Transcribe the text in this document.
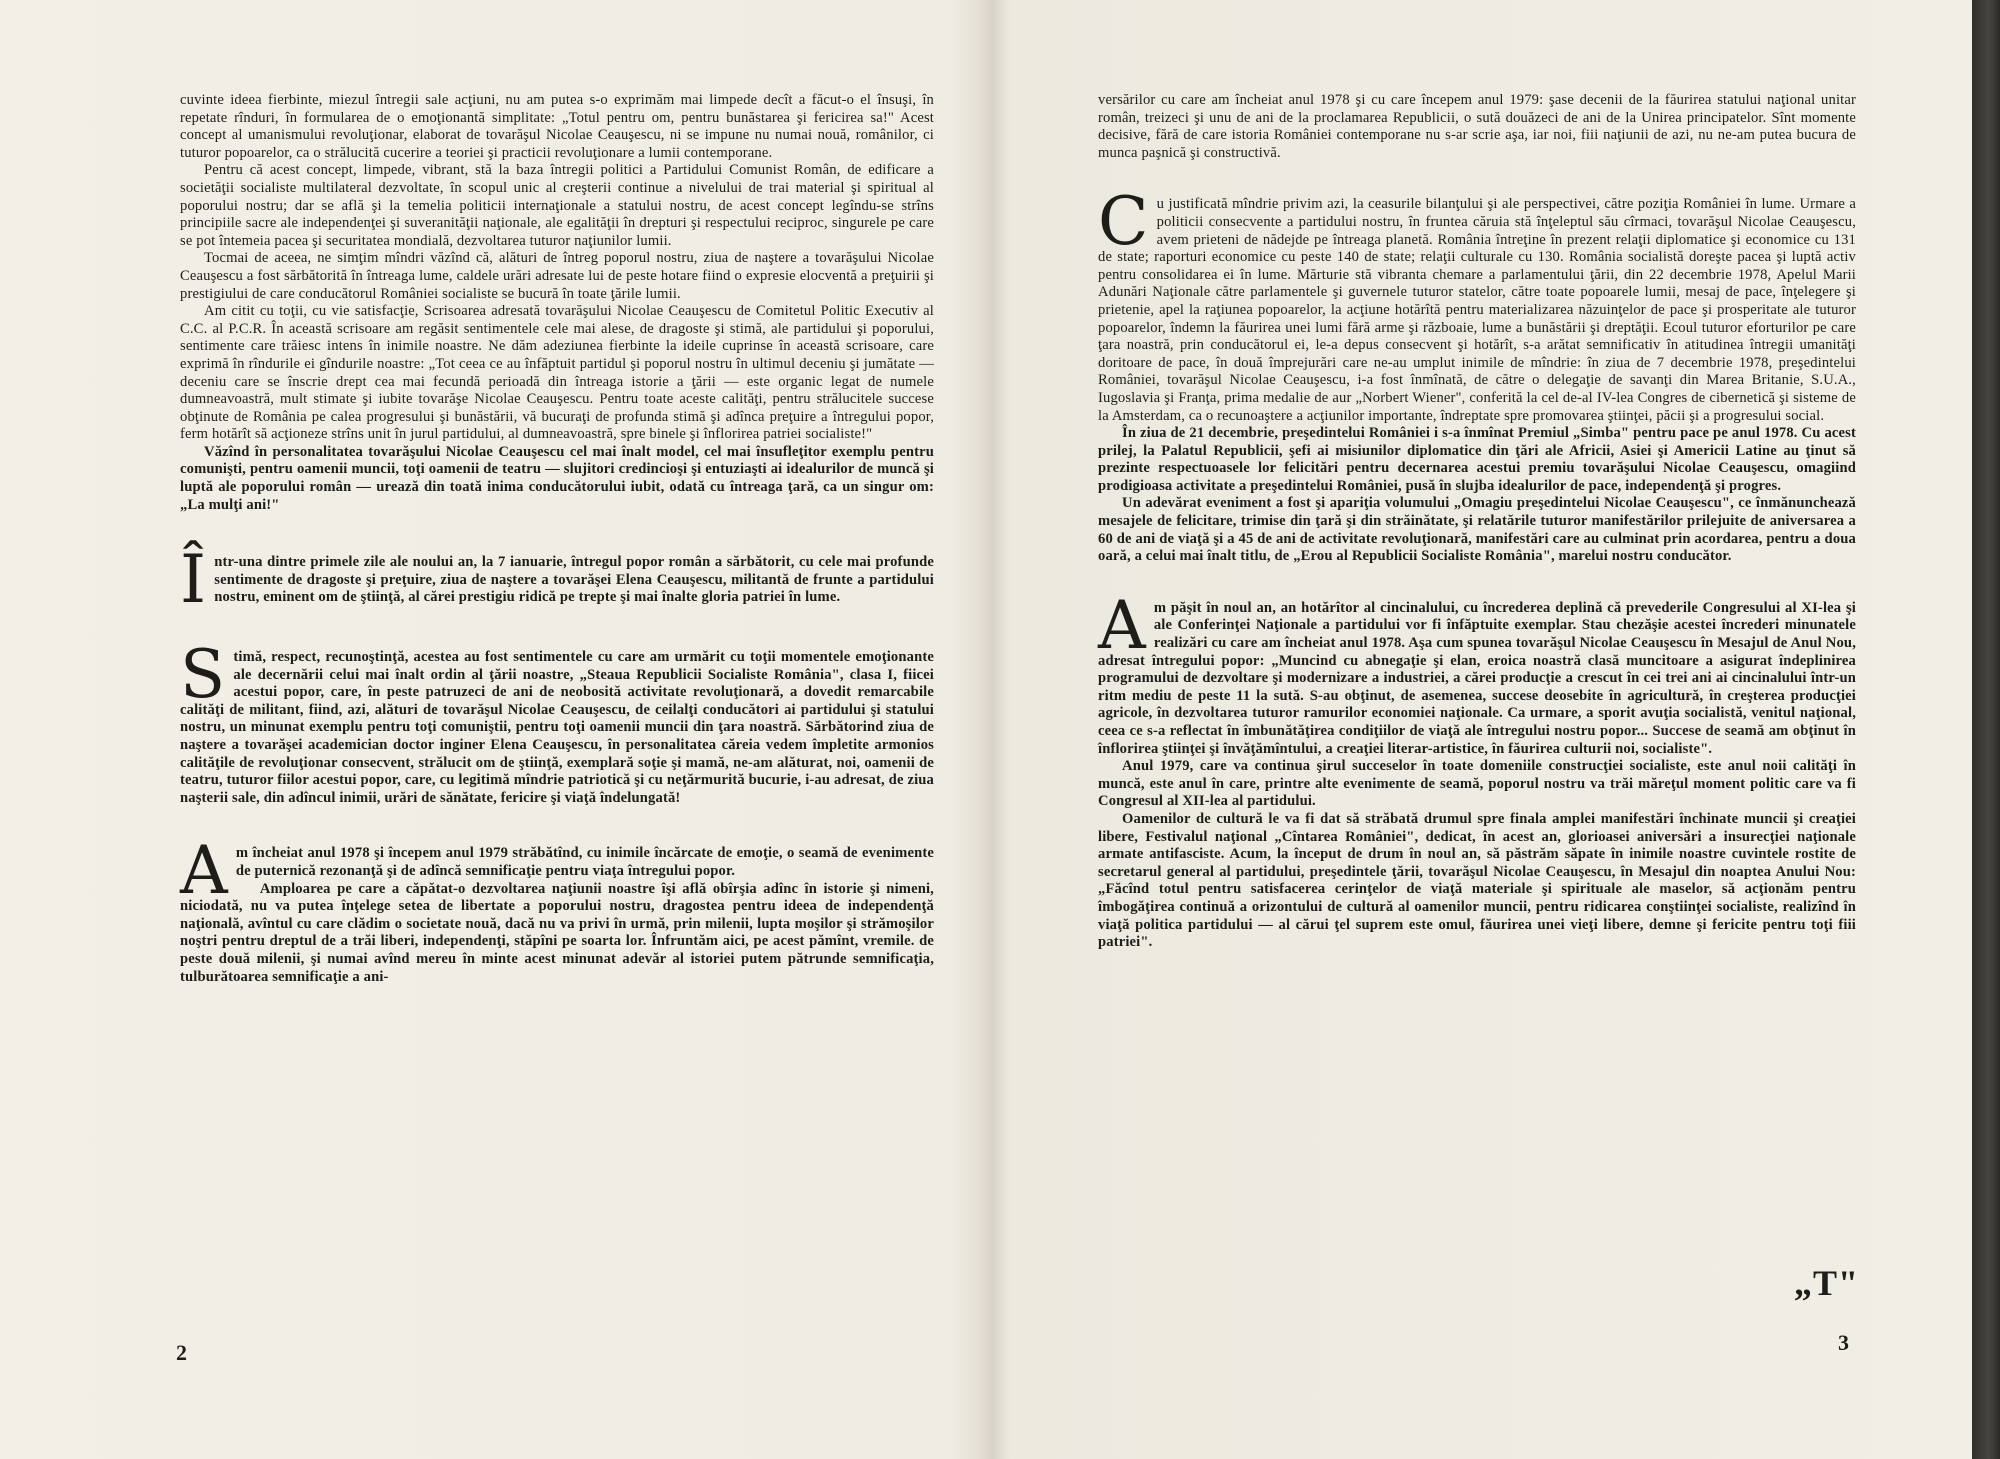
cuvinte ideea fierbinte, miezul întregii sale acţiuni, nu am putea s-o exprimăm mai limpede decît a făcut-o el însuşi, în repetate rînduri, în formularea de o emoţionantă simplitate: „Totul pentru om, pentru bunăstarea şi fericirea sa!" Acest concept al umanismului revoluţionar, elaborat de tovarăşul Nicolae Ceauşescu, ni se impune nu numai nouă, românilor, ci tuturor popoarelor, ca o strălucită cucerire a teoriei şi practicii revoluţionare a lumii contemporane.

Pentru că acest concept, limpede, vibrant, stă la baza întregii politici a Partidului Comunist Român, de edificare a societăţii socialiste multilateral dezvoltate, în scopul unic al creşterii continue a nivelului de trai material şi spiritual al poporului nostru; dar se află şi la temelia politicii internaţionale a statului nostru, de acest concept legîndu-se strîns principiile sacre ale independenţei şi suveranităţii naţionale, ale egalităţii în drepturi şi respectului reciproc, singurele pe care se pot întemeia pacea şi securitatea mondială, dezvoltarea tuturor naţiunilor lumii.

Tocmai de aceea, ne simţim mîndri văzînd că, alături de întreg poporul nostru, ziua de naştere a tovarăşului Nicolae Ceauşescu a fost sărbătorită în întreaga lume, caldele urări adresate lui de peste hotare fiind o expresie elocventă a preţuirii şi prestigiului de care conducătorul României socialiste se bucură în toate ţările lumii.

Am citit cu toţii, cu vie satisfacţie, Scrisoarea adresată tovarăşului Nicolae Ceauşescu de Comitetul Politic Executiv al C.C. al P.C.R. În această scrisoare am regăsit sentimentele cele mai alese, de dragoste şi stimă, ale partidului şi poporului, sentimente care trăiesc intens în inimile noastre. Ne dăm adeziunea fierbinte la ideile cuprinse în această scrisoare, care exprimă în rîndurile ei gîndurile noastre: „Tot ceea ce au înfăptuit partidul şi poporul nostru în ultimul deceniu şi jumătate — deceniu care se înscrie drept cea mai fecundă perioadă din întreaga istorie a ţării — este organic legat de numele dumneavoastră, mult stimate şi iubite tovarăşe Nicolae Ceauşescu. Pentru toate aceste calităţi, pentru strălucitele succese obţinute de România pe calea progresului şi bunăstării, vă bucuraţi de profunda stimă şi adînca preţuire a întregului popor, ferm hotărît să acţioneze strîns unit în jurul partidului, al dumneavoastră, spre binele şi înflorirea patriei socialiste!"

Văzînd în personalitatea tovarăşului Nicolae Ceauşescu cel mai înalt model, cel mai însufleţitor exemplu pentru comunişti, pentru oamenii muncii, toţi oamenii de teatru — slujitori credincioşi şi entuziaşti ai idealurilor de muncă şi luptă ale poporului român — urează din toată inima conducătorului iubit, odată cu întreaga ţară, ca un singur om: „La mulţi ani!"

Î ntr-una dintre primele zile ale noului an, la 7 ianuarie, întregul popor român a sărbătorit, cu cele mai profunde sentimente de dragoste şi preţuire, ziua de naştere a tovarăşei Elena Ceauşescu, militantă de frunte a partidului nostru, eminent om de ştiinţă, al cărei prestigiu ridică pe trepte şi mai înalte gloria patriei în lume.

S timă, respect, recunoştinţă, acestea au fost sentimentele cu care am urmărit cu toţii momentele emoţionante ale decernării celui mai înalt ordin al ţării noastre, „Steaua Republicii Socialiste România", clasa I, fiicei acestui popor, care, în peste patruzeci de ani de neobosită activitate revoluţionară, a dovedit remarcabile calităţi de militant, fiind, azi, alături de tovarăşul Nicolae Ceauşescu, de ceilalţi conducători ai partidului şi statului nostru, un minunat exemplu pentru toţi comuniştii, pentru toţi oamenii muncii din ţara noastră. Sărbătorind ziua de naştere a tovarăşei academician doctor inginer Elena Ceauşescu, în personalitatea căreia vedem împletite armonios calităţile de revoluţionar consecvent, strălucit om de ştiinţă, exemplară soţie şi mamă, ne-am alăturat, noi, oamenii de teatru, tuturor fiilor acestui popor, care, cu legitimă mîndrie patriotică şi cu neţărmurită bucurie, i-au adresat, de ziua naşterii sale, din adîncul inimii, urări de sănătate, fericire şi viaţă îndelungată!

A m încheiat anul 1978 şi începem anul 1979 străbătînd, cu inimile încărcate de emoţie, o seamă de evenimente de puternică rezonanţă şi de adîncă semnificaţie pentru viaţa întregului popor.

Amploarea pe care a căpătat-o dezvoltarea naţiunii noastre îşi află obîrşia adînc în istorie şi nimeni, niciodată, nu va putea înţelege setea de libertate a poporului nostru, dragostea pentru ideea de independenţă naţională, avîntul cu care clădim o societate nouă, dacă nu va privi în urmă, prin milenii, lupta moşilor şi strămoşilor noştri pentru dreptul de a trăi liberi, independenţi, stăpîni pe soarta lor. Înfruntăm aici, pe acest pămînt, vremile. de peste două milenii, şi numai avînd mereu în minte acest minunat adevăr al istoriei putem pătrunde semnificaţia, tulburătoarea semnificaţie a ani-

2

versărilor cu care am încheiat anul 1978 şi cu care începem anul 1979: şase decenii de la făurirea statului naţional unitar român, treizeci şi unu de ani de la proclamarea Republicii, o sută douăzeci de ani de la Unirea principatelor. Sînt momente decisive, fără de care istoria României contemporane nu s-ar scrie aşa, iar noi, fiii naţiunii de azi, nu ne-am putea bucura de munca paşnică şi constructivă.

C u justificată mîndrie privim azi, la ceasurile bilanţului şi ale perspectivei, către poziţia României în lume. Urmare a politicii consecvente a partidului nostru, în fruntea căruia stă înţeleptul său cîrmaci, tovarăşul Nicolae Ceauşescu, avem prieteni de nădejde pe întreaga planetă. România întreţine în prezent relaţii diplomatice şi economice cu 131 de state; raporturi economice cu peste 140 de state; relaţii culturale cu 130. România socialistă doreşte pacea şi luptă activ pentru consolidarea ei în lume. Mărturie stă vibranta chemare a parlamentului ţării, din 22 decembrie 1978, Apelul Marii Adunări Naţionale către parlamentele şi guvernele tuturor statelor, către toate popoarele lumii, mesaj de pace, înţelegere şi prietenie, apel la raţiunea popoarelor, la acţiune hotărîtă pentru materializarea năzuinţelor de pace şi prosperitate ale tuturor popoarelor, îndemn la făurirea unei lumi fără arme şi războaie, lume a bunăstării şi dreptăţii. Ecoul tuturor eforturilor pe care ţara noastră, prin conducătorul ei, le-a depus consecvent şi hotărît, s-a arătat semnificativ în atitudinea întregii umanităţi doritoare de pace, în două împrejurări care ne-au umplut inimile de mîndrie: în ziua de 7 decembrie 1978, preşedintelui României, tovarăşul Nicolae Ceauşescu, i-a fost înmînată, de către o delegaţie de savanţi din Marea Britanie, S.U.A., Iugoslavia şi Franţa, prima medalie de aur „Norbert Wiener", conferită la cel de-al IV-lea Congres de cibernetică şi sisteme de la Amsterdam, ca o recunoaştere a acţiunilor importante, îndreptate spre promovarea ştiinţei, păcii şi a progresului social.

În ziua de 21 decembrie, preşedintelui României i s-a înmînat Premiul „Simba" pentru pace pe anul 1978. Cu acest prilej, la Palatul Republicii, şefi ai misiunilor diplomatice din ţări ale Africii, Asiei şi Americii Latine au ţinut să prezinte respectuoasele lor felicitări pentru decernarea acestui premiu tovarăşului Nicolae Ceauşescu, omagiind prodigioasa activitate a preşedintelui României, pusă în slujba idealurilor de pace, independenţă şi progres.

Un adevărat eveniment a fost şi apariţia volumului „Omagiu preşedintelui Nicolae Ceauşescu", ce înmănunchează mesajele de felicitare, trimise din ţară şi din străinătate, şi relatările tuturor manifestărilor prilejuite de aniversarea a 60 de ani de viaţă şi a 45 de ani de activitate revoluţionară, manifestări care au culminat prin acordarea, pentru a doua oară, a celui mai înalt titlu, de „Erou al Republicii Socialiste România", marelui nostru conducător.

A m păşit în noul an, an hotărîtor al cincinalului, cu încrederea deplină că prevederile Congresului al XI-lea şi ale Conferinţei Naţionale a partidului vor fi înfăptuite exemplar. Stau chezăşie acestei încrederi minunatele realizări cu care am încheiat anul 1978. Aşa cum spunea tovarăşul Nicolae Ceauşescu în Mesajul de Anul Nou, adresat întregului popor: „Muncind cu abnegaţie şi elan, eroica noastră clasă muncitoare a asigurat îndeplinirea programului de dezvoltare şi modernizare a industriei, a cărei producţie a crescut în cei trei ani ai cincinalului într-un ritm mediu de peste 11 la sută. S-au obţinut, de asemenea, succese deosebite în agricultură, în creşterea producţiei agricole, în dezvoltarea tuturor ramurilor economiei naţionale. Ca urmare, a sporit avuţia socialistă, venitul naţional, ceea ce s-a reflectat în îmbunătăţirea condiţiilor de viaţă ale întregului nostru popor... Succese de seamă am obţinut în înflorirea ştiinţei şi învăţămîntului, a creaţiei literar-artistice, în făurirea culturii noi, socialiste".

Anul 1979, care va continua şirul succeselor în toate domeniile construcţiei socialiste, este anul noii calităţi în muncă, este anul în care, printre alte evenimente de seamă, poporul nostru va trăi măreţul moment politic care va fi Congresul al XII-lea al partidului.

Oamenilor de cultură le va fi dat să străbată drumul spre finala amplei manifestări închinate muncii şi creaţiei libere, Festivalul naţional „Cîntarea României", dedicat, în acest an, glorioasei aniversări a insurecţiei naţionale armate antifasciste. Acum, la început de drum în noul an, să păstrăm săpate în inimile noastre cuvintele rostite de secretarul general al partidului, preşedintele ţării, tovarăşul Nicolae Ceauşescu, în Mesajul din noaptea Anului Nou: „Făcînd totul pentru satisfacerea cerinţelor de viaţă materiale şi spirituale ale maselor, să acţionăm pentru îmbogăţirea continuă a orizontului de cultură al oamenilor muncii, pentru ridicarea conştiinţei socialiste, realizînd în viaţă politica partidului — al cărui ţel suprem este omul, făurirea unei vieţi libere, demne şi fericite pentru toţi fiii patriei".

„T"
3
